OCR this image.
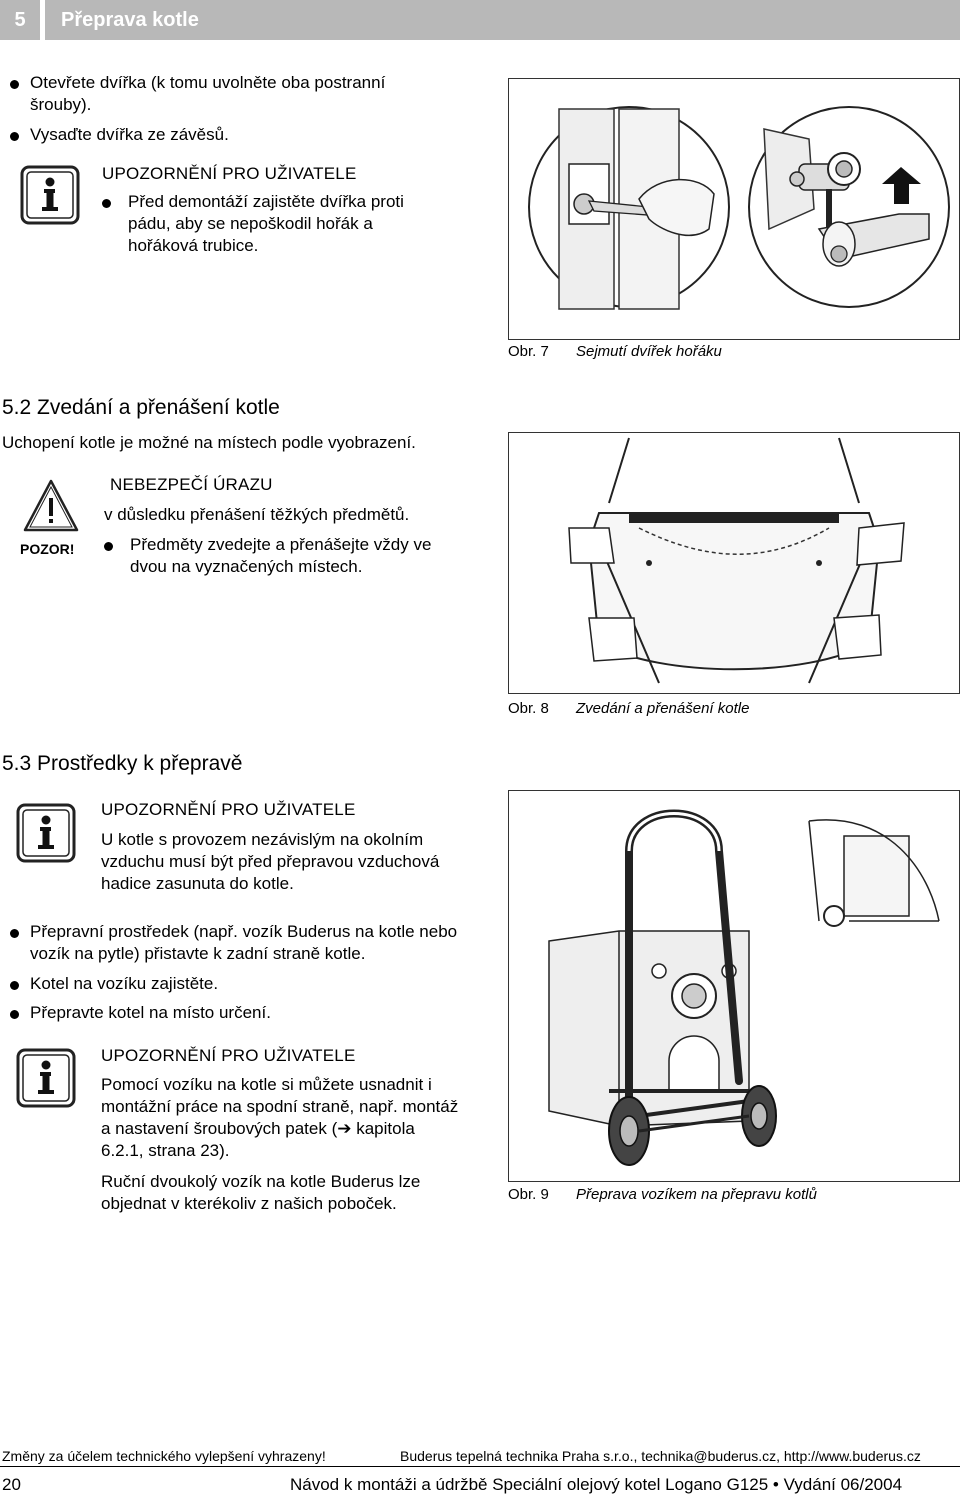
5	Přeprava kotle
Otevřete dvířka (k tomu uvolněte oba postranní šrouby).
Vysaďte dvířka ze závěsů.
UPOZORNĚNÍ PRO UŽIVATELE
Před demontáží zajistěte dvířka proti pádu, aby se nepoškodil hořák a hořáková trubice.
Obr. 7 Sejmutí dvířek hořáku
5.2 Zvedání a přenášení kotle
Uchopení kotle je možné na místech podle vyobrazení.
POZOR!
NEBEZPEČÍ ÚRAZU
v důsledku přenášení těžkých předmětů.
Předměty zvedejte a přenášejte vždy ve dvou na vyznačených místech.
Obr. 8 Zvedání a přenášení kotle
5.3 Prostředky k přepravě
UPOZORNĚNÍ PRO UŽIVATELE
U kotle s provozem nezávislým na okolním vzduchu musí být před přepravou vzduchová hadice zasunuta do kotle.
Přepravní prostředek (např. vozík Buderus na kotle nebo vozík na pytle) přistavte k zadní straně kotle.
Kotel na vozíku zajistěte.
Přepravte kotel na místo určení.
UPOZORNĚNÍ PRO UŽIVATELE
Pomocí vozíku na kotle si můžete usnadnit i montážní práce na spodní straně, např. montáž a nastavení šroubových patek (➔ kapitola 6.2.1, strana 23).
Ruční dvoukolý vozík na kotle Buderus lze objednat v kterékoliv z našich poboček.	Obr. 9 Přeprava vozíkem na přepravu kotlů
Změny za účelem technického vylepšení vyhrazeny!	Buderus tepelná technika Praha s.r.o., technika@buderus.cz, http://www.buderus.cz
20	Návod k montáži a údržbě Speciální olejový kotel Logano G125 • Vydání 06/2004
